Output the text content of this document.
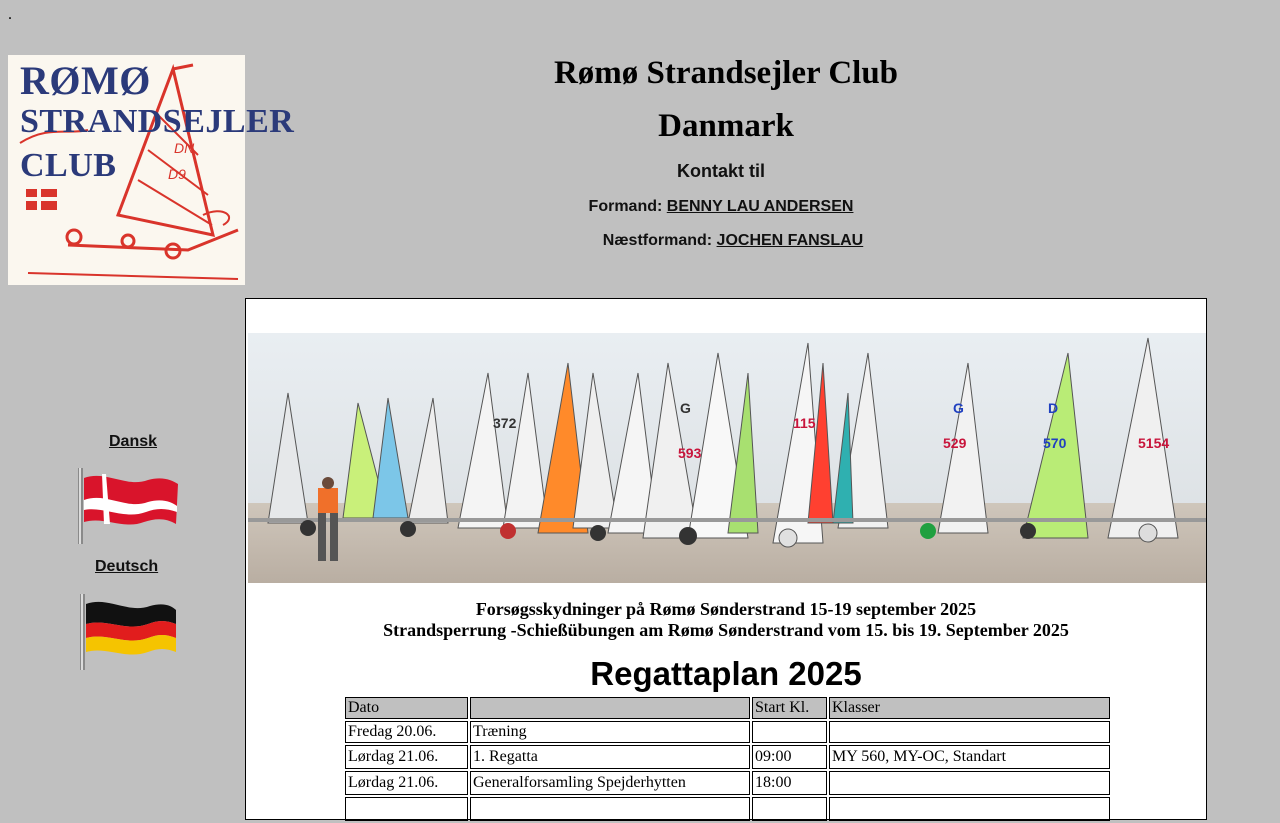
.
DN
D9
RØMØ
STRANDSEJLER
CLUB
Rømø Strandsejler Club
Danmark
Kontakt til
Formand: BENNY LAU ANDERSEN
Næstformand: JOCHEN FANSLAU
Dansk
Deutsch
372
593
G
529
G
570
D
5154
115
Forsøgsskydninger på Rømø Sønderstrand 15-19 september 2025
Strandsperrung -Schießübungen am Rømø Sønderstrand vom 15. bis 19. September 2025
Regattaplan 2025
Dato		Start Kl.	Klasser
Fredag 20.06.	Træning		
Lørdag 21.06.	1. Regatta	09:00	MY 560, MY-OC, Standart
Lørdag 21.06.	Generalforsamling Spejderhytten	18:00	
